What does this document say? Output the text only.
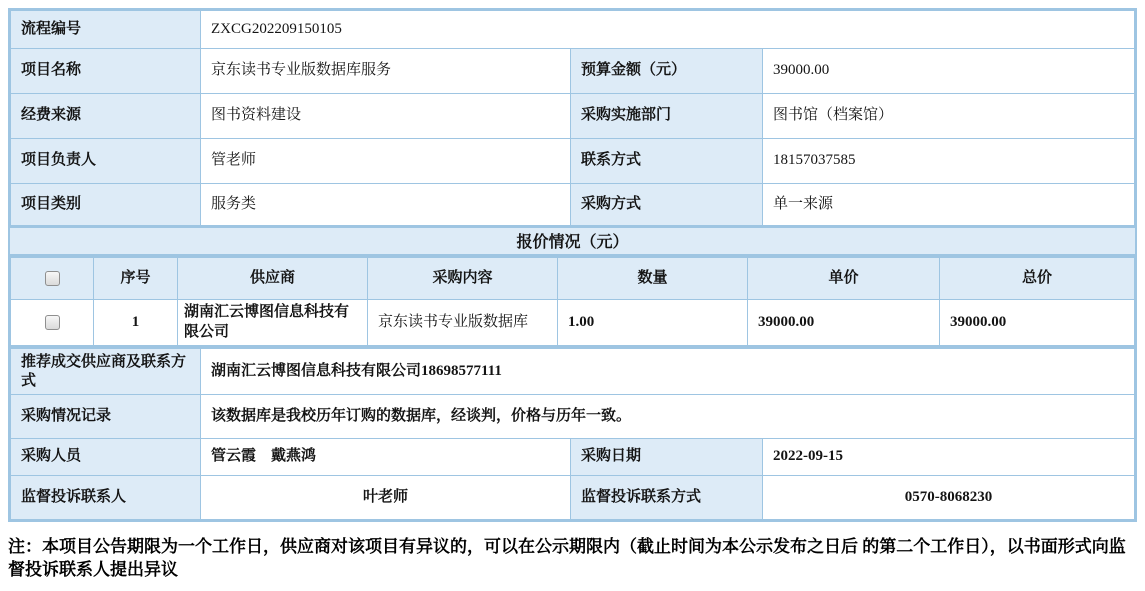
流程编号	ZXCG202209150105		
项目名称	京东读书专业版数据库服务	预算金额（元）	39000.00
经费来源	图书资料建设	采购实施部门	图书馆（档案馆）
项目负责人	管老师	联系方式	18157037585
项目类别	服务类	采购方式	单一来源
报价情况（元）
	序号	供应商	采购内容	数量	单价	总价
	1	湖南汇云博图信息科技有限公司	京东读书专业版数据库	1.00	39000.00	39000.00
推荐成交供应商及联系方式	湖南汇云博图信息科技有限公司18698577111		
采购情况记录	该数据库是我校历年订购的数据库，经谈判，价格与历年一致。		
采购人员	管云霞　戴燕鸿	采购日期	2022-09-15
监督投诉联系人	叶老师	监督投诉联系方式	0570-8068230
注：本项目公告期限为一个工作日，供应商对该项目有异议的，可以在公示期限内（截止时间为本公示发布之日后 的第二个工作日），以书面形式向监督投诉联系人提出异议
